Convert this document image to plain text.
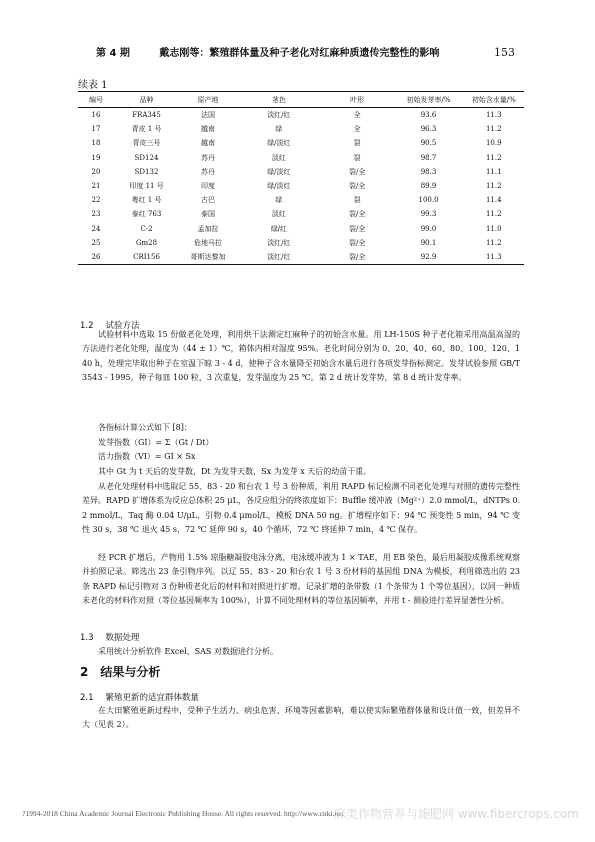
第 4 期	戴志刚等：繁殖群体量及种子老化对红麻种质遗传完整性的影响	153
续表 1
编号	品种	原产地	茎色	叶形	初始发芽率/%	初始含水量/%
16	FRA345	法国	淡红/红	全	93.6	11.3
17	青皮 1 号	越南	绿	全	96.3	11.2
18	青皮三号	越南	绿/淡红	裂	90.5	10.9
19	SD124	苏丹	淡红	裂	98.7	11.2
20	SD132	苏丹	绿/淡红	裂/全	98.3	11.1
21	印度 11 号	印度	绿/淡红	裂/全	89.9	11.2
22	粤红 1 号	古巴	绿	裂	100.0	11.4
23	泰红 763	泰国	淡红	裂/全	99.3	11.2
24	C-2	孟加拉	绿/红	裂/全	99.0	11.0
25	Gm28	危地马拉	淡红/红	裂/全	90.1	11.2
26	CRI156	哥斯达黎加	淡红/红	裂/全	92.9	11.3
1.2 试验方法
试验材料中选取 15 份做老化处理，利用烘干法测定红麻种子的初始含水量。用 LH-150S 种子老化箱采用高温高湿的方法进行老化处理，温度为（44 ± 1）℃，箱体内相对湿度 95%。老化时间分别为 0、20、40、60、80、100、120、140 h，处理完毕取出种子在室温下晾 3 - 4 d，使种子含水量降至初始含水量后进行各项发芽指标测定。发芽试验参照 GB/T3543 - 1995。种子每皿 100 粒，3 次重复，发芽温度为 25 ℃。第 2 d 统计发芽势，第 8 d 统计发芽率。
各指标计算公式如下 [8]：
发芽指数（GI）= Σ（Gt / Dt）
活力指数（VI）= GI × Sx
其中 Gt 为 t 天后的发芽数，Dt 为发芽天数，Sx 为发芽 x 天后的幼苗干重。
从老化处理材料中选取记 55、83 - 20 和台农 1 号 3 份种质，利用 RAPD 标记检测不同老化处理与对照的遗传完整性差异。RAPD 扩增体系为反应总体积 25 μL，各反应组分的终浓度如下：Buffle 缓冲液（Mg²⁺）2.0 mmol/L，dNTPs 0.2 mmol/L，Taq 酶 0.04 U/μL，引物 0.4 μmol/L，模板 DNA 50 ng。扩增程序如下：94 ℃ 预变性 5 min，94 ℃ 变性 30 s，38 ℃ 退火 45 s，72 ℃ 延伸 90 s，40 个循环，72 ℃ 终延伸 7 min，4 ℃ 保存。
经 PCR 扩增后，产物用 1.5% 琼脂糖凝胶电泳分离，电泳缓冲液为 1 × TAE，用 EB 染色，最后用凝胶成像系统观察并拍照记录。筛选出 23 条引物序列。以辽 55、83 - 20 和台农 1 号 3 份材料的基因组 DNA 为模板，利用筛选出的 23 条 RAPD 标记引物对 3 份种质老化后的材料和对照进行扩增。记录扩增的条带数（1 个条带为 1 个等位基因），以同一种质未老化的材料作对照（等位基因频率为 100%），计算不同处理材料的等位基因频率，并用 t - 测验进行差异显著性分析。
1.3 数据处理
采用统计分析软件 Excel、SAS 对数据进行分析。
2 结果与分析
2.1 繁殖更新的适宜群体数量
在大田繁殖更新过程中，受种子生活力、病虫危害、环境等因素影响，难以使实际繁殖群体量和设计值一致，但差异不大（见表 2）。
?1994-2018 China Academic Journal Electronic Publishing House. All rights reserved. http://www.cnki.net
麻类作物营养与施肥网 www.fibercrops.com
